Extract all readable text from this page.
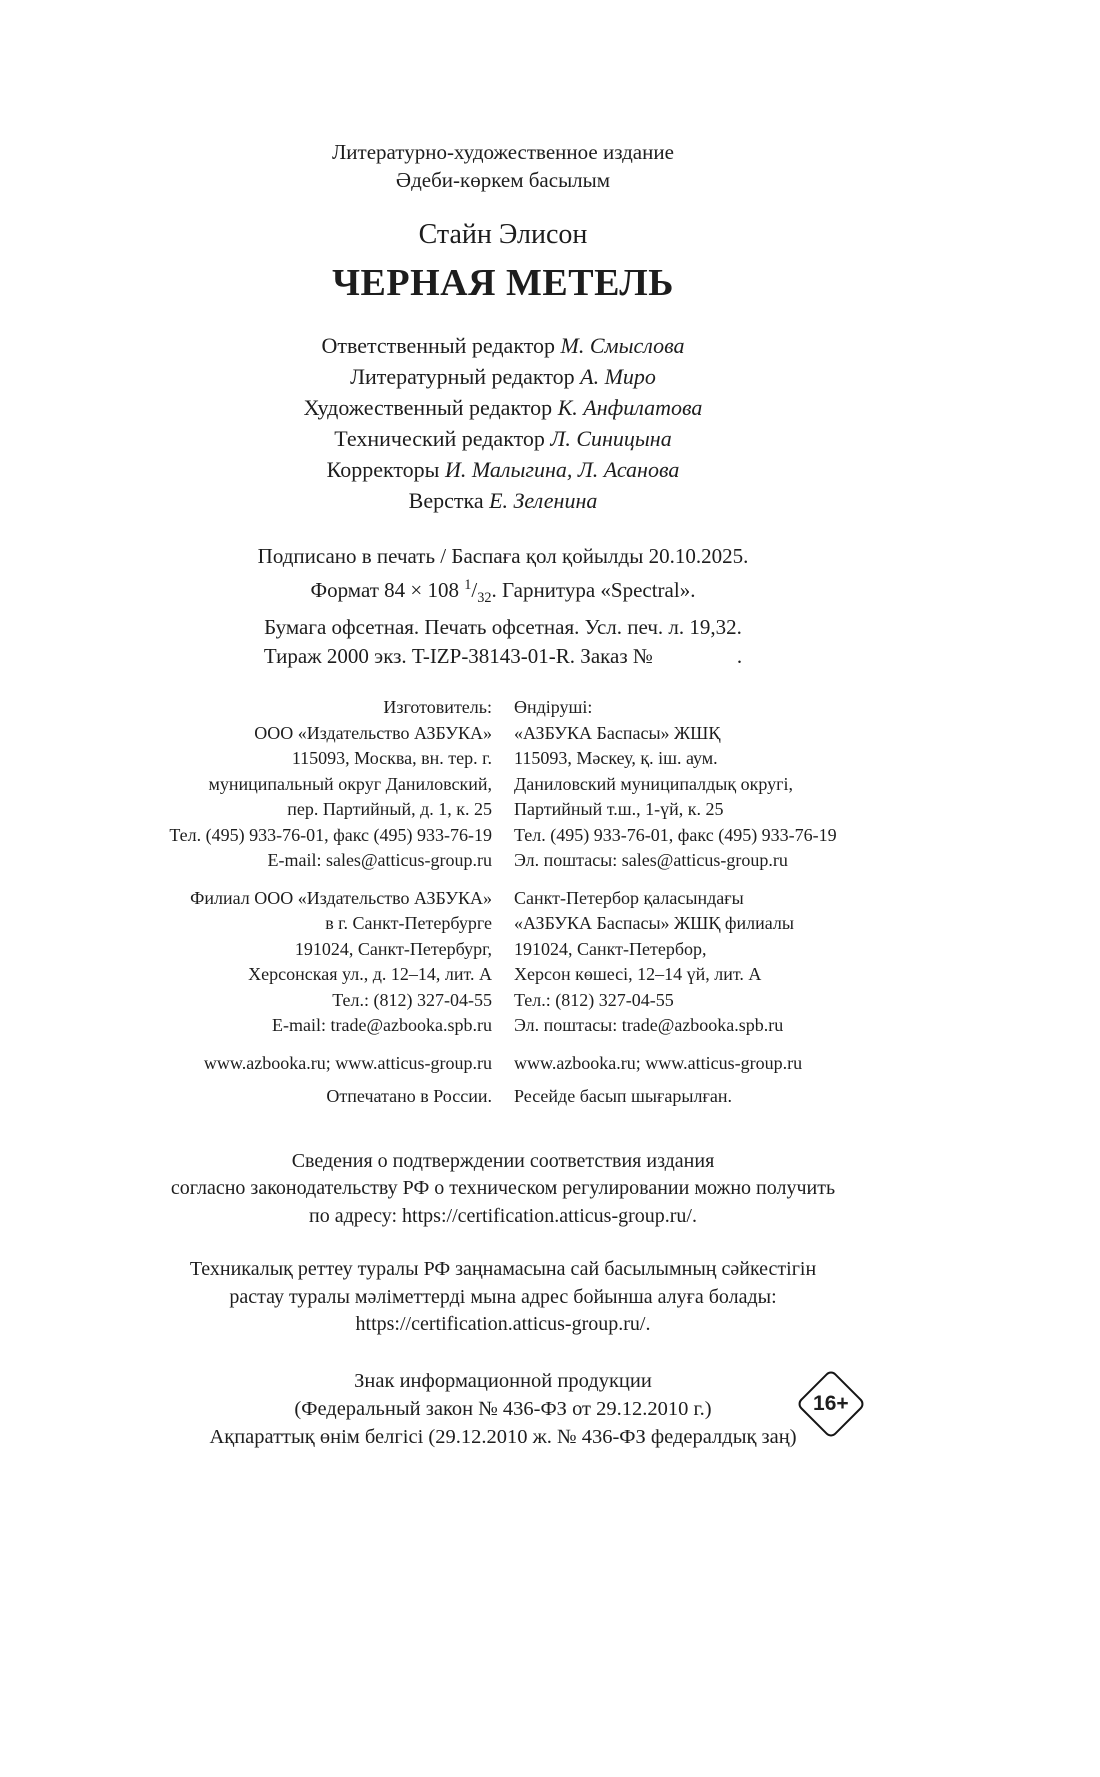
Литературно-художественное издание
Әдеби-көркем басылым
Стайн Элисон
ЧЕРНАЯ МЕТЕЛЬ
Ответственный редактор М. Смыслова
Литературный редактор А. Миро
Художественный редактор К. Анфилатова
Технический редактор Л. Синицына
Корректоры И. Малыгина, Л. Асанова
Верстка Е. Зеленина
Подписано в печать / Баспаға қол қойылды 20.10.2025.
Формат 84 × 108 $^1/_{32}$. Гарнитура «Spectral».
Бумага офсетная. Печать офсетная. Усл. печ. л. 19,32.
Тираж 2000 экз. T-IZP-38143-01-R. Заказ №                .
Изготовитель:
ООО «Издательство АЗБУКА»
115093, Москва, вн. тер. г.
муниципальный округ Даниловский,
пер. Партийный, д. 1, к. 25
Тел. (495) 933-76-01, факс (495) 933-76-19
E-mail: sales@atticus-group.ru
Филиал ООО «Издательство АЗБУКА»
в г. Санкт-Петербурге
191024, Санкт-Петербург,
Херсонская ул., д. 12–14, лит. А
Тел.: (812) 327-04-55
E-mail: trade@azbooka.spb.ru
www.azbooka.ru; www.atticus-group.ru
Отпечатано в России.
Өндіруші:
«АЗБУКА Баспасы» ЖШҚ
115093, Мәскеу, қ. іш. аум.
Даниловский муниципалдық округі,
Партийный т.ш., 1-үй, к. 25
Тел. (495) 933-76-01, факс (495) 933-76-19
Эл. поштасы: sales@atticus-group.ru
Санкт-Петербор қаласындағы
«АЗБУКА Баспасы» ЖШҚ филиалы
191024, Санкт-Петербор,
Херсон көшесі, 12–14 үй, лит. А
Тел.: (812) 327-04-55
Эл. поштасы: trade@azbooka.spb.ru
www.azbooka.ru; www.atticus-group.ru
Ресейде басып шығарылған.
Сведения о подтверждении соответствия издания
согласно законодательству РФ о техническом регулировании можно получить
по адресу: https://certification.atticus-group.ru/.
Техникалық реттеу туралы РФ заңнамасына сай басылымның сәйкестігін
растау туралы мәліметтерді мына адрес бойынша алуға болады:
https://certification.atticus-group.ru/.
Знак информационной продукции
(Федеральный закон № 436-ФЗ от 29.12.2010 г.)
Ақпараттық өнім белгісі (29.12.2010 ж. № 436-ФЗ федералдық заң)
16+
